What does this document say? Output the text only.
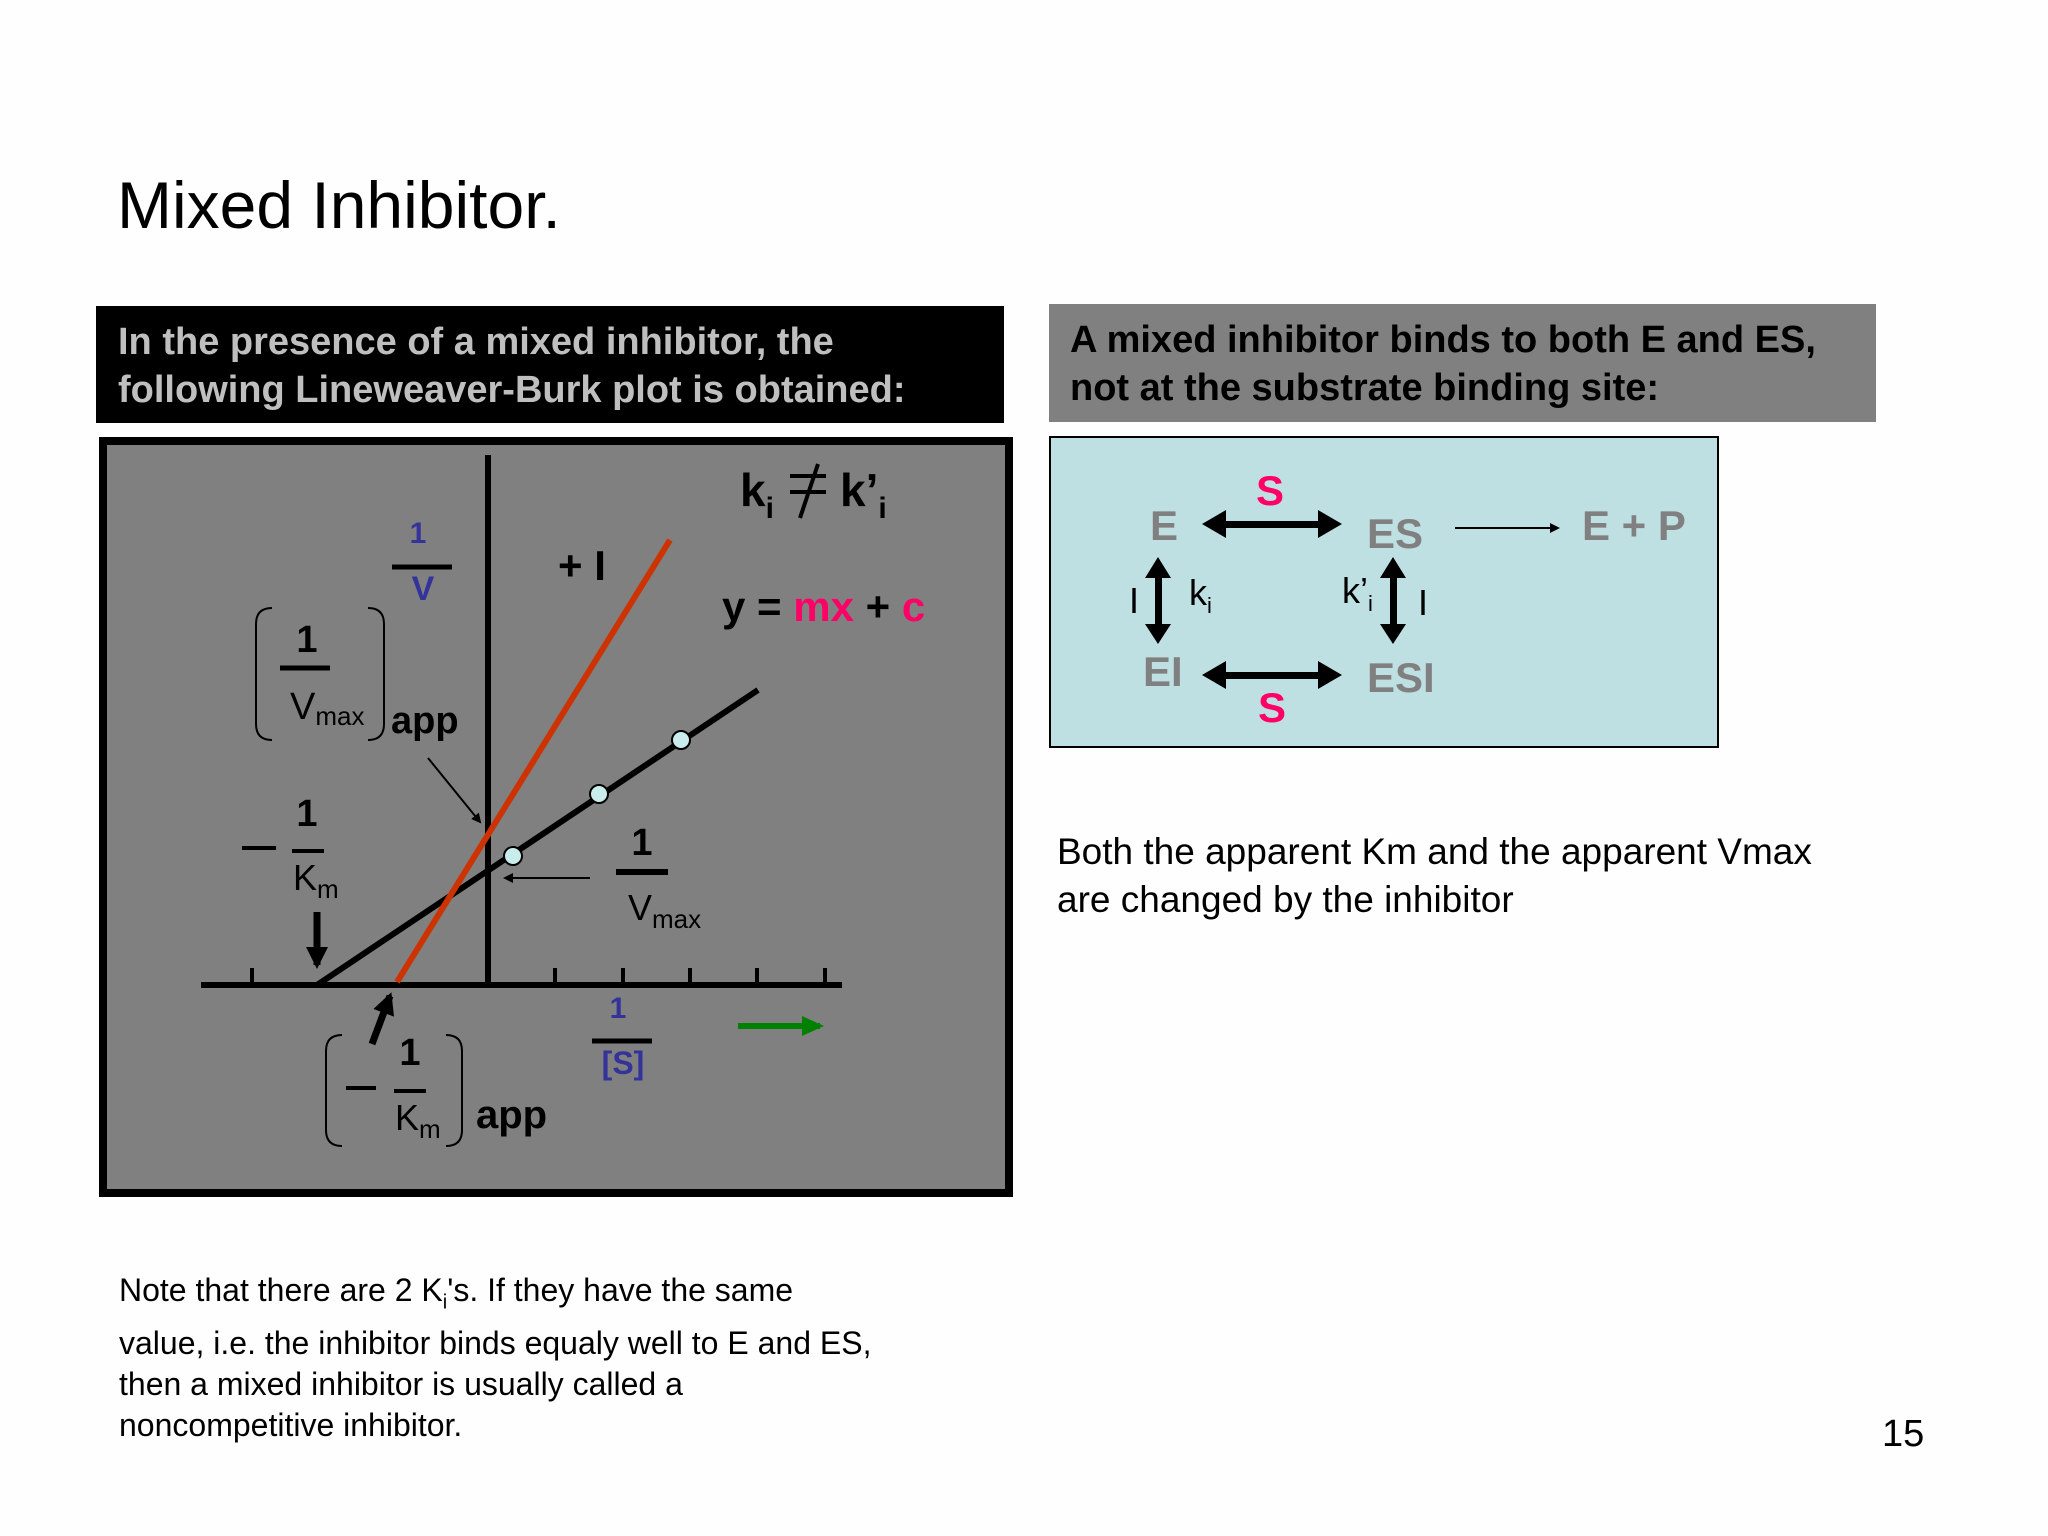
Mixed Inhibitor.
In the presence of a mixed inhibitor, the
following Lineweaver-Burk plot is obtained:
A mixed inhibitor binds to both E and ES,
not at the substrate binding site:
$k_i$ $k’_i$
+ I
y = mx + c
1
V
1
Vmax app
1
$K_m$
1
$V_{max}$
1
[S]
1
$K_m$ app
E	ES	E + P
EI	ESI
S
S
I	I
$k_i$	$k’_i$
Both the apparent Km and the apparent Vmax
are changed by the inhibitor
Note that there are 2 $K_i's$. If they have the same
value, i.e. the inhibitor binds equaly well to E and ES,
then a mixed inhibitor is usually called a
noncompetitive inhibitor.	15
